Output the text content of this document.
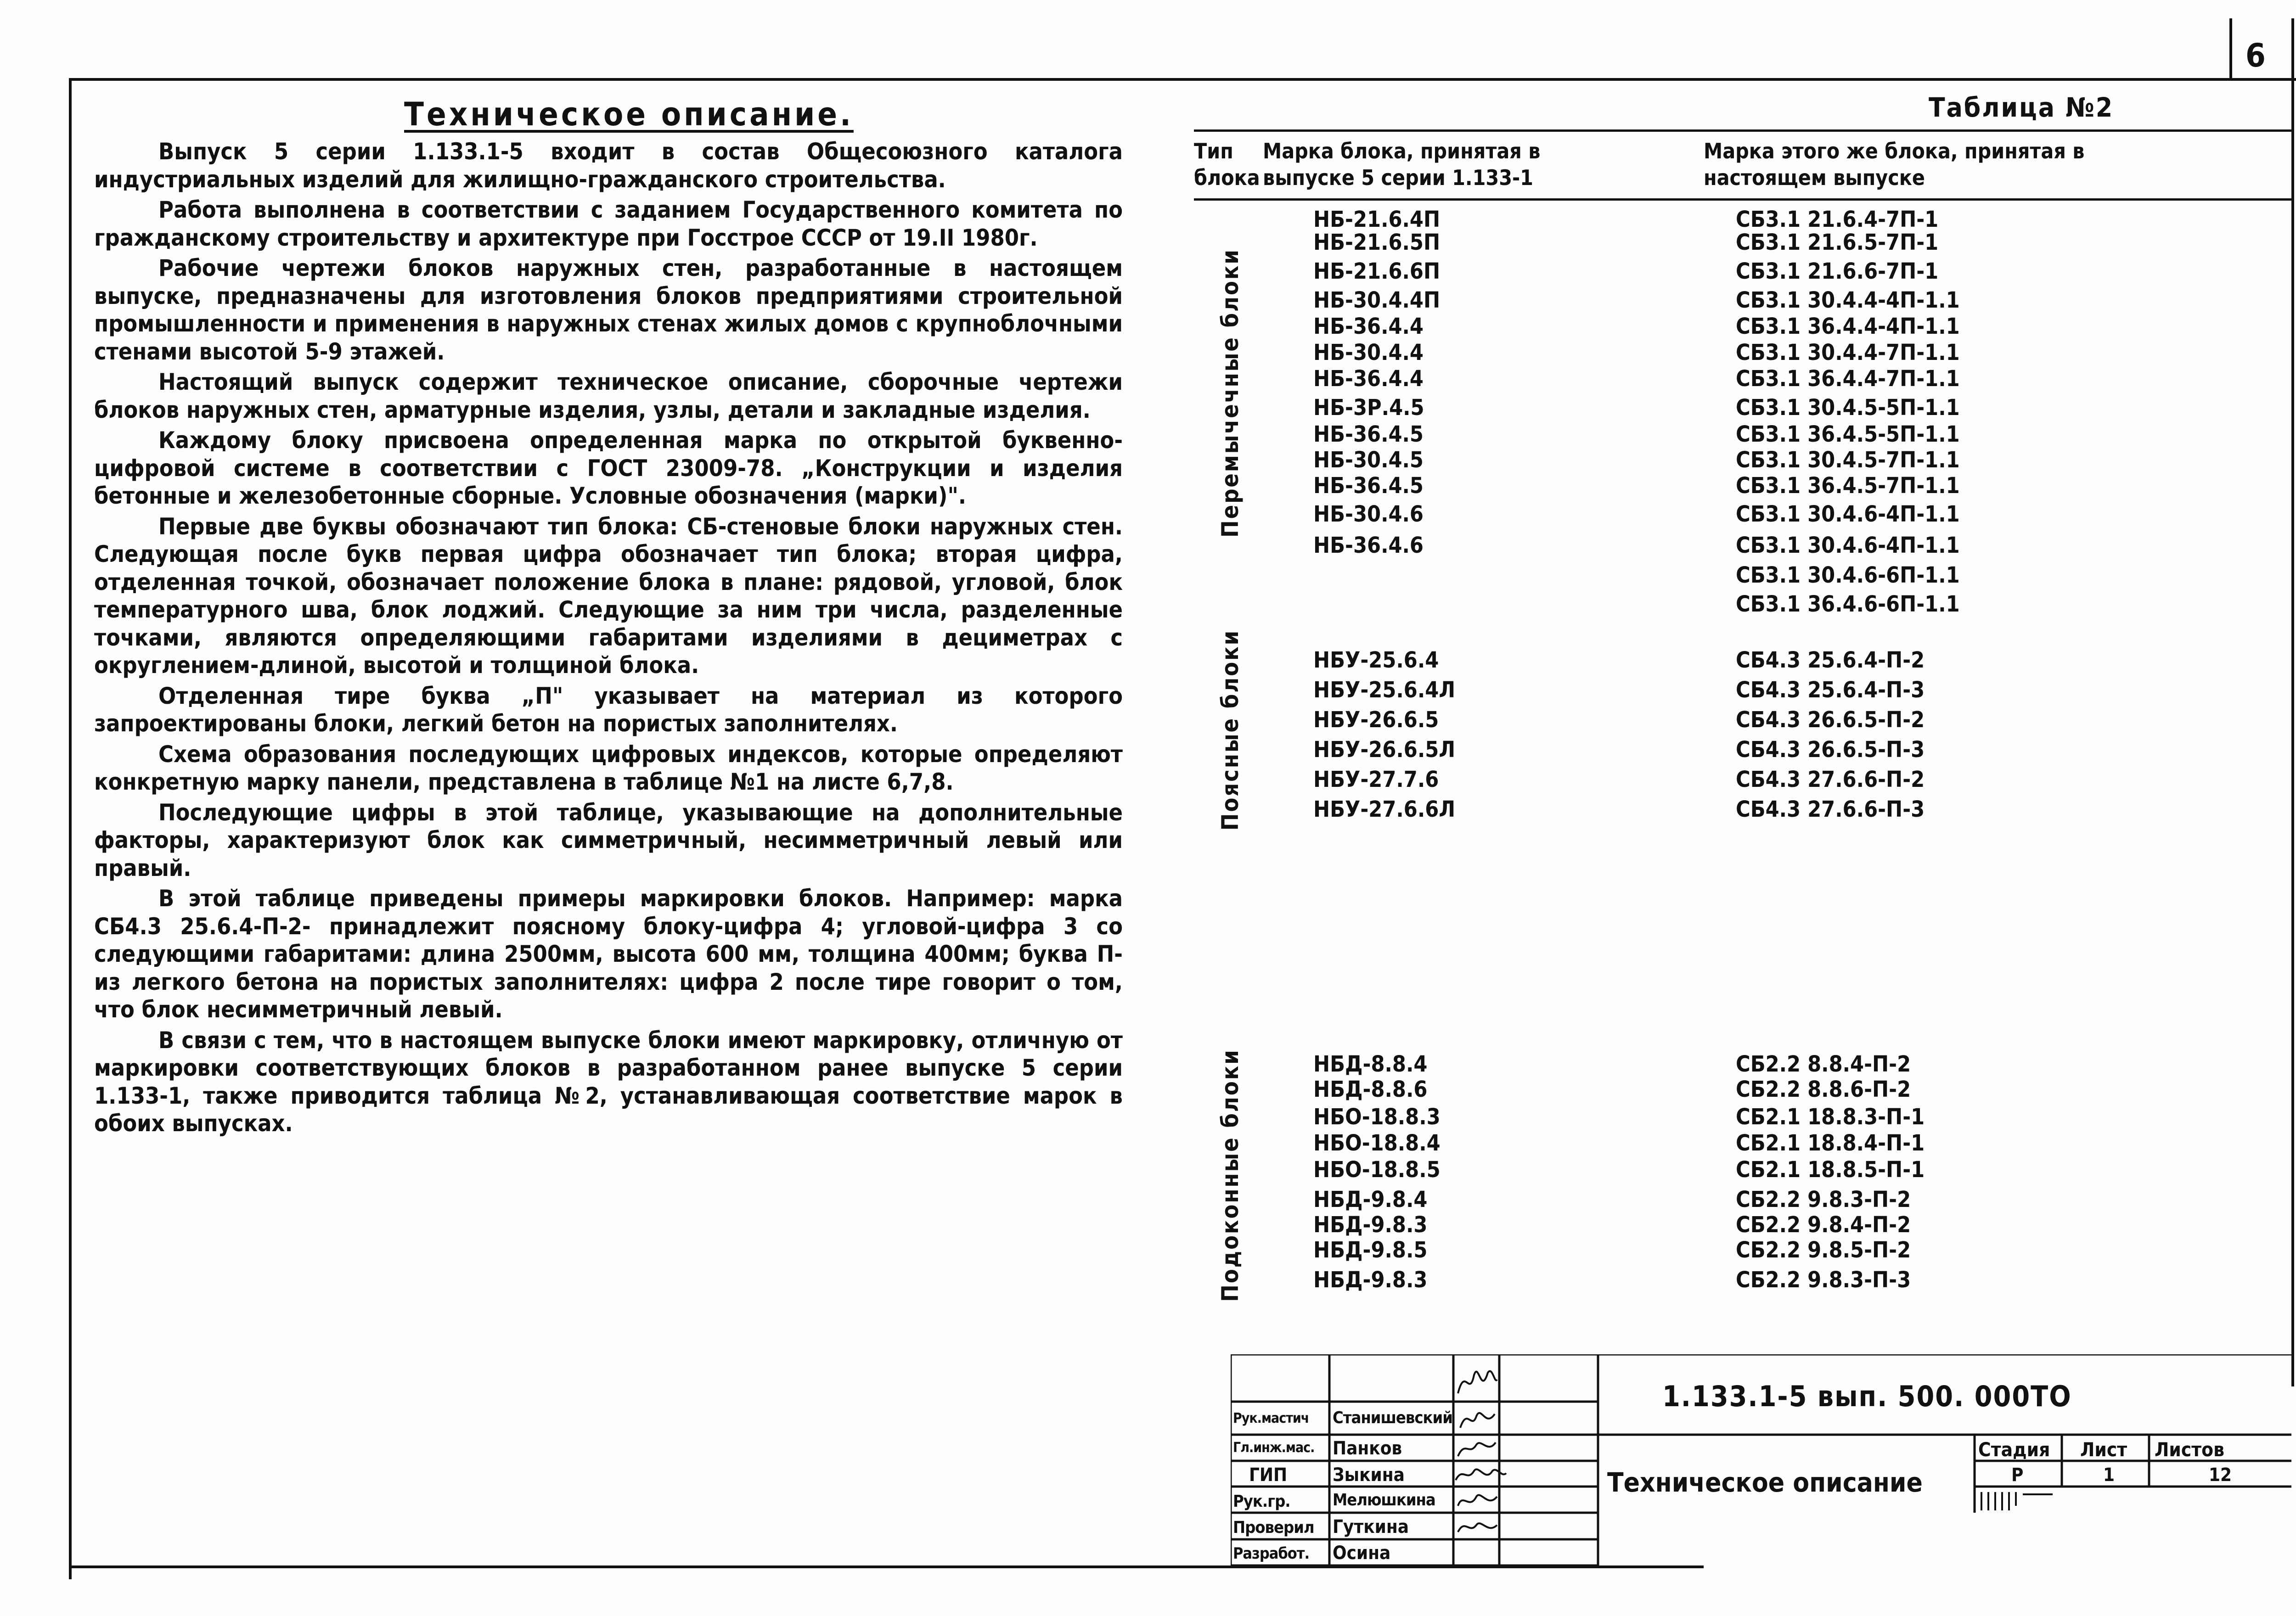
6
Техническое описание.

Выпуск 5 серии 1.133.1-5 входит в состав Общесоюзного каталога индустриальных изделий для жилищно-гражданского строительства.

Работа выполнена в соответствии с заданием Государственного комитета по гражданскому строительству и архитектуре при Госстрое СССР от 19.II 1980г.

Рабочие чертежи блоков наружных стен, разработанные в настоящем выпуске, предназначены для изготовления блоков предприятиями строительной промышленности и применения в наружных стенах жилых домов с крупноблочными стенами высотой 5-9 этажей.

Настоящий выпуск содержит техническое описание, сборочные чертежи блоков наружных стен, арматурные изделия, узлы, детали и закладные изделия.

Каждому блоку присвоена определенная марка по открытой буквенно-цифровой системе в соответствии с ГОСТ 23009-78. „Конструкции и изделия бетонные и железобетонные сборные. Условные обозначения (марки)".

Первые две буквы обозначают тип блока: СБ-стеновые блоки наружных стен. Следующая после букв первая цифра обозначает тип блока; вторая цифра, отделенная точкой, обозначает положение блока в плане: рядовой, угловой, блок температурного шва, блок лоджий. Следующие за ним три числа, разделенные точками, являются определяющими габаритами изделиями в дециметрах с округлением-длиной, высотой и толщиной блока.

Отделенная тире буква „П" указывает на материал из которого запроектированы блоки, легкий бетон на пористых заполнителях.

Схема образования последующих цифровых индексов, которые определяют конкретную марку панели, представлена в таблице №1 на листе 6,7,8.

Последующие цифры в этой таблице, указывающие на дополнительные факторы, характеризуют блок как симметричный, несимметричный левый или правый.

В этой таблице приведены примеры маркировки блоков. Например: марка СБ4.3 25.6.4-П-2- принадлежит поясному блоку-цифра 4; угловой-цифра 3 со следующими габаритами: длина 2500мм, высота 600 мм, толщина 400мм; буква П-из легкого бетона на пористых заполнителях: цифра 2 после тире говорит о том, что блок несимметричный левый.

В связи с тем, что в настоящем выпуске блоки имеют маркировку, отличную от маркировки соответствующих блоков в разработанном ранее выпуске 5 серии 1.133-1, также приводится таблица №2, устанавливающая соответствие марок в обоих выпусках.

Таблица №2
Тип блока
Марка блока, принятая в выпуске 5 серии 1.133-1
Марка этого же блока, принятая в настоящем выпуске
Перемычечные блоки
Поясные блоки
Подоконные блоки
НБ-21.6.4П	СБ3.1 21.6.4-7П-1
НБ-21.6.5П	СБ3.1 21.6.5-7П-1
НБ-21.6.6П	СБ3.1 21.6.6-7П-1
НБ-30.4.4П	СБ3.1 30.4.4-4П-1.1
НБ-36.4.4	СБ3.1 36.4.4-4П-1.1
НБ-30.4.4	СБ3.1 30.4.4-7П-1.1
НБ-36.4.4	СБ3.1 36.4.4-7П-1.1
НБ-3Р.4.5	СБ3.1 30.4.5-5П-1.1
НБ-36.4.5	СБ3.1 36.4.5-5П-1.1
НБ-30.4.5	СБ3.1 30.4.5-7П-1.1
НБ-36.4.5	СБ3.1 36.4.5-7П-1.1
НБ-30.4.6	СБ3.1 30.4.6-4П-1.1
НБ-36.4.6	СБ3.1 30.4.6-4П-1.1
СБ3.1 30.4.6-6П-1.1
СБ3.1 36.4.6-6П-1.1
НБУ-25.6.4	СБ4.3 25.6.4-П-2
НБУ-25.6.4Л	СБ4.3 25.6.4-П-3
НБУ-26.6.5	СБ4.3 26.6.5-П-2
НБУ-26.6.5Л	СБ4.3 26.6.5-П-3
НБУ-27.7.6	СБ4.3 27.6.6-П-2
НБУ-27.6.6Л	СБ4.3 27.6.6-П-3
НБД-8.8.4	СБ2.2 8.8.4-П-2
НБД-8.8.6	СБ2.2 8.8.6-П-2
НБО-18.8.3	СБ2.1 18.8.3-П-1
НБО-18.8.4	СБ2.1 18.8.4-П-1
НБО-18.8.5	СБ2.1 18.8.5-П-1
НБД-9.8.4	СБ2.2 9.8.3-П-2
НБД-9.8.3	СБ2.2 9.8.4-П-2
НБД-9.8.5	СБ2.2 9.8.5-П-2
НБД-9.8.3	СБ2.2 9.8.3-П-3
1.133.1-5 вып. 500. 000ТО
Техническое описание
Стадия Лист Листов
Р	1	12
Рук.мастич Станишевский
Гл.инж.мас. Панков
ГИП Зыкина
Рук.гр.	Мелюшкина
Проверил Гуткина
Разработ. Осина
